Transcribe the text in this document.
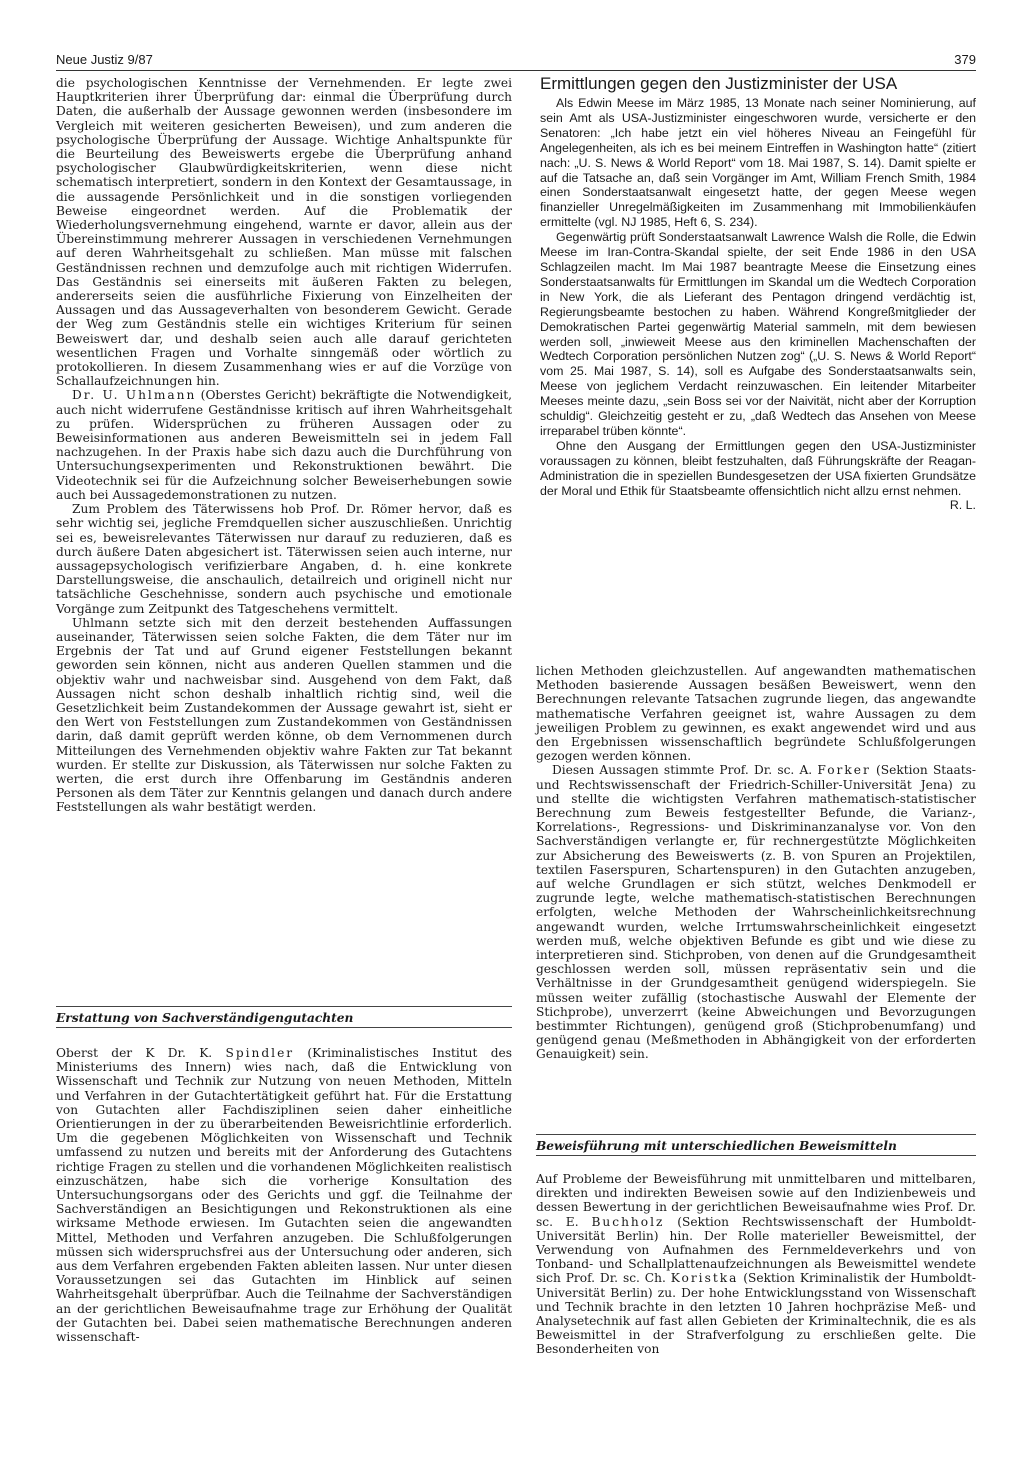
Neue Justiz 9/87	379

die psychologischen Kenntnisse der Vernehmenden. Er legte zwei Hauptkriterien ihrer Überprüfung dar: einmal die Überprüfung durch Daten, die außerhalb der Aussage gewonnen werden (insbesondere im Vergleich mit weiteren gesicherten Beweisen), und zum anderen die psychologische Überprüfung der Aussage. Wichtige Anhaltspunkte für die Beurteilung des Beweiswerts ergebe die Überprüfung anhand psychologischer Glaubwürdigkeitskriterien, wenn diese nicht schematisch interpretiert, sondern in den Kontext der Gesamtaussage, in die aussagende Persönlichkeit und in die sonstigen vorliegenden Beweise eingeordnet werden. Auf die Problematik der Wiederholungsvernehmung eingehend, warnte er davor, allein aus der Übereinstimmung mehrerer Aussagen in verschiedenen Vernehmungen auf deren Wahrheitsgehalt zu schließen. Man müsse mit falschen Geständnissen rechnen und demzufolge auch mit richtigen Widerrufen. Das Geständnis sei einerseits mit äußeren Fakten zu belegen, andererseits seien die ausführliche Fixierung von Einzelheiten der Aussagen und das Aussageverhalten von besonderem Gewicht. Gerade der Weg zum Geständnis stelle ein wichtiges Kriterium für seinen Beweiswert dar, und deshalb seien auch alle darauf gerichteten wesentlichen Fragen und Vorhalte sinngemäß oder wörtlich zu protokollieren. In diesem Zusammenhang wies er auf die Vorzüge von Schallaufzeichnungen hin.

Dr. U. Uhlmann (Oberstes Gericht) bekräftigte die Notwendigkeit, auch nicht widerrufene Geständnisse kritisch auf ihren Wahrheitsgehalt zu prüfen. Widersprüchen zu früheren Aussagen oder zu Beweisinformationen aus anderen Beweismitteln sei in jedem Fall nachzugehen. In der Praxis habe sich dazu auch die Durchführung von Untersuchungsexperimenten und Rekonstruktionen bewährt. Die Videotechnik sei für die Aufzeichnung solcher Beweiserhebungen sowie auch bei Aussagedemonstrationen zu nutzen.

Zum Problem des Täterwissens hob Prof. Dr. Römer hervor, daß es sehr wichtig sei, jegliche Fremdquellen sicher auszuschließen. Unrichtig sei es, beweisrelevantes Täterwissen nur darauf zu reduzieren, daß es durch äußere Daten abgesichert ist. Täterwissen seien auch interne, nur aussagepsychologisch verifizierbare Angaben, d. h. eine konkrete Darstellungsweise, die anschaulich, detailreich und originell nicht nur tatsächliche Geschehnisse, sondern auch psychische und emotionale Vorgänge zum Zeitpunkt des Tatgeschehens vermittelt.

Uhlmann setzte sich mit den derzeit bestehenden Auffassungen auseinander, Täterwissen seien solche Fakten, die dem Täter nur im Ergebnis der Tat und auf Grund eigener Feststellungen bekannt geworden sein können, nicht aus anderen Quellen stammen und die objektiv wahr und nachweisbar sind. Ausgehend von dem Fakt, daß Aussagen nicht schon deshalb inhaltlich richtig sind, weil die Gesetzlichkeit beim Zustandekommen der Aussage gewahrt ist, sieht er den Wert von Feststellungen zum Zustandekommen von Geständnissen darin, daß damit geprüft werden könne, ob dem Vernommenen durch Mitteilungen des Vernehmenden objektiv wahre Fakten zur Tat bekannt wurden. Er stellte zur Diskussion, als Täterwissen nur solche Fakten zu werten, die erst durch ihre Offenbarung im Geständnis anderen Personen als dem Täter zur Kenntnis gelangen und danach durch andere Feststellungen als wahr bestätigt werden.

Erstattung von Sachverständigengutachten

Oberst der K Dr. K. Spindler (Kriminalistisches Institut des Ministeriums des Innern) wies nach, daß die Entwicklung von Wissenschaft und Technik zur Nutzung von neuen Methoden, Mitteln und Verfahren in der Gutachtertätigkeit geführt hat. Für die Erstattung von Gutachten aller Fachdisziplinen seien daher einheitliche Orientierungen in der zu überarbeitenden Beweisrichtlinie erforderlich. Um die gegebenen Möglichkeiten von Wissenschaft und Technik umfassend zu nutzen und bereits mit der Anforderung des Gutachtens richtige Fragen zu stellen und die vorhandenen Möglichkeiten realistisch einzuschätzen, habe sich die vorherige Konsultation des Untersuchungsorgans oder des Gerichts und ggf. die Teilnahme der Sachverständigen an Besichtigungen und Rekonstruktionen als eine wirksame Methode erwiesen. Im Gutachten seien die angewandten Mittel, Methoden und Verfahren anzugeben. Die Schlußfolgerungen müssen sich widerspruchsfrei aus der Untersuchung oder anderen, sich aus dem Verfahren ergebenden Fakten ableiten lassen. Nur unter diesen Voraussetzungen sei das Gutachten im Hinblick auf seinen Wahrheitsgehalt überprüfbar. Auch die Teilnahme der Sachverständigen an der gerichtlichen Beweisaufnahme trage zur Erhöhung der Qualität der Gutachten bei. Dabei seien mathematische Berechnungen anderen wissenschaft-

Ermittlungen gegen den Justizminister der USA

Als Edwin Meese im März 1985, 13 Monate nach seiner Nominierung, auf sein Amt als USA-Justizminister eingeschworen wurde, versicherte er den Senatoren: „Ich habe jetzt ein viel höheres Niveau an Feingefühl für Angelegenheiten, als ich es bei meinem Eintreffen in Washington hatte“ (zitiert nach: „U. S. News & World Report“ vom 18. Mai 1987, S. 14). Damit spielte er auf die Tatsache an, daß sein Vorgänger im Amt, William French Smith, 1984 einen Sonderstaatsanwalt eingesetzt hatte, der gegen Meese wegen finanzieller Unregelmäßigkeiten im Zusammenhang mit Immobilienkäufen ermittelte (vgl. NJ 1985, Heft 6, S. 234).

Gegenwärtig prüft Sonderstaatsanwalt Lawrence Walsh die Rolle, die Edwin Meese im Iran-Contra-Skandal spielte, der seit Ende 1986 in den USA Schlagzeilen macht. Im Mai 1987 beantragte Meese die Einsetzung eines Sonderstaatsanwalts für Ermittlungen im Skandal um die Wedtech Corporation in New York, die als Lieferant des Pentagon dringend verdächtig ist, Regierungsbeamte bestochen zu haben. Während Kongreßmitglieder der Demokratischen Partei gegenwärtig Material sammeln, mit dem bewiesen werden soll, „inwieweit Meese aus den kriminellen Machenschaften der Wedtech Corporation persönlichen Nutzen zog“ („U. S. News & World Report“ vom 25. Mai 1987, S. 14), soll es Aufgabe des Sonderstaatsanwalts sein, Meese von jeglichem Verdacht reinzuwaschen. Ein leitender Mitarbeiter Meeses meinte dazu, „sein Boss sei vor der Naivität, nicht aber der Korruption schuldig“. Gleichzeitig gesteht er zu, „daß Wedtech das Ansehen von Meese irreparabel trüben könnte“.

Ohne den Ausgang der Ermittlungen gegen den USA-Justizminister voraussagen zu können, bleibt festzuhalten, daß Führungskräfte der Reagan-Administration die in speziellen Bundesgesetzen der USA fixierten Grundsätze der Moral und Ethik für Staatsbeamte offensichtlich nicht allzu ernst nehmen.

R. L.

lichen Methoden gleichzustellen. Auf angewandten mathematischen Methoden basierende Aussagen besäßen Beweiswert, wenn den Berechnungen relevante Tatsachen zugrunde liegen, das angewandte mathematische Verfahren geeignet ist, wahre Aussagen zu dem jeweiligen Problem zu gewinnen, es exakt angewendet wird und aus den Ergebnissen wissenschaftlich begründete Schlußfolgerungen gezogen werden können.

Diesen Aussagen stimmte Prof. Dr. sc. A. Forker (Sektion Staats- und Rechtswissenschaft der Friedrich-Schiller-Universität Jena) zu und stellte die wichtigsten Verfahren mathematisch-statistischer Berechnung zum Beweis festgestellter Befunde, die Varianz-, Korrelations-, Regressions- und Diskriminanzanalyse vor. Von den Sachverständigen verlangte er, für rechnergestützte Möglichkeiten zur Absicherung des Beweiswerts (z. B. von Spuren an Projektilen, textilen Faserspuren, Schartenspuren) in den Gutachten anzugeben, auf welche Grundlagen er sich stützt, welches Denkmodell er zugrunde legte, welche mathematisch-statistischen Berechnungen erfolgten, welche Methoden der Wahrscheinlichkeitsrechnung angewandt wurden, welche Irrtumswahrscheinlichkeit eingesetzt werden muß, welche objektiven Befunde es gibt und wie diese zu interpretieren sind. Stichproben, von denen auf die Grundgesamtheit geschlossen werden soll, müssen repräsentativ sein und die Verhältnisse in der Grundgesamtheit genügend widerspiegeln. Sie müssen weiter zufällig (stochastische Auswahl der Elemente der Stichprobe), unverzerrt (keine Abweichungen und Bevorzugungen bestimmter Richtungen), genügend groß (Stichprobenumfang) und genügend genau (Meßmethoden in Abhängigkeit von der erforderten Genauigkeit) sein.

Beweisführung mit unterschiedlichen Beweismitteln

Auf Probleme der Beweisführung mit unmittelbaren und mittelbaren, direkten und indirekten Beweisen sowie auf den Indizienbeweis und dessen Bewertung in der gerichtlichen Beweisaufnahme wies Prof. Dr. sc. E. Buchholz (Sektion Rechtswissenschaft der Humboldt-Universität Berlin) hin. Der Rolle materieller Beweismittel, der Verwendung von Aufnahmen des Fernmeldeverkehrs und von Tonband- und Schallplattenaufzeichnungen als Beweismittel wendete sich Prof. Dr. sc. Ch. Koristka (Sektion Kriminalistik der Humboldt-Universität Berlin) zu. Der hohe Entwicklungsstand von Wissenschaft und Technik brachte in den letzten 10 Jahren hochpräzise Meß- und Analysetechnik auf fast allen Gebieten der Kriminaltechnik, die es als Beweismittel in der Strafverfolgung zu erschließen gelte. Die Besonderheiten von
